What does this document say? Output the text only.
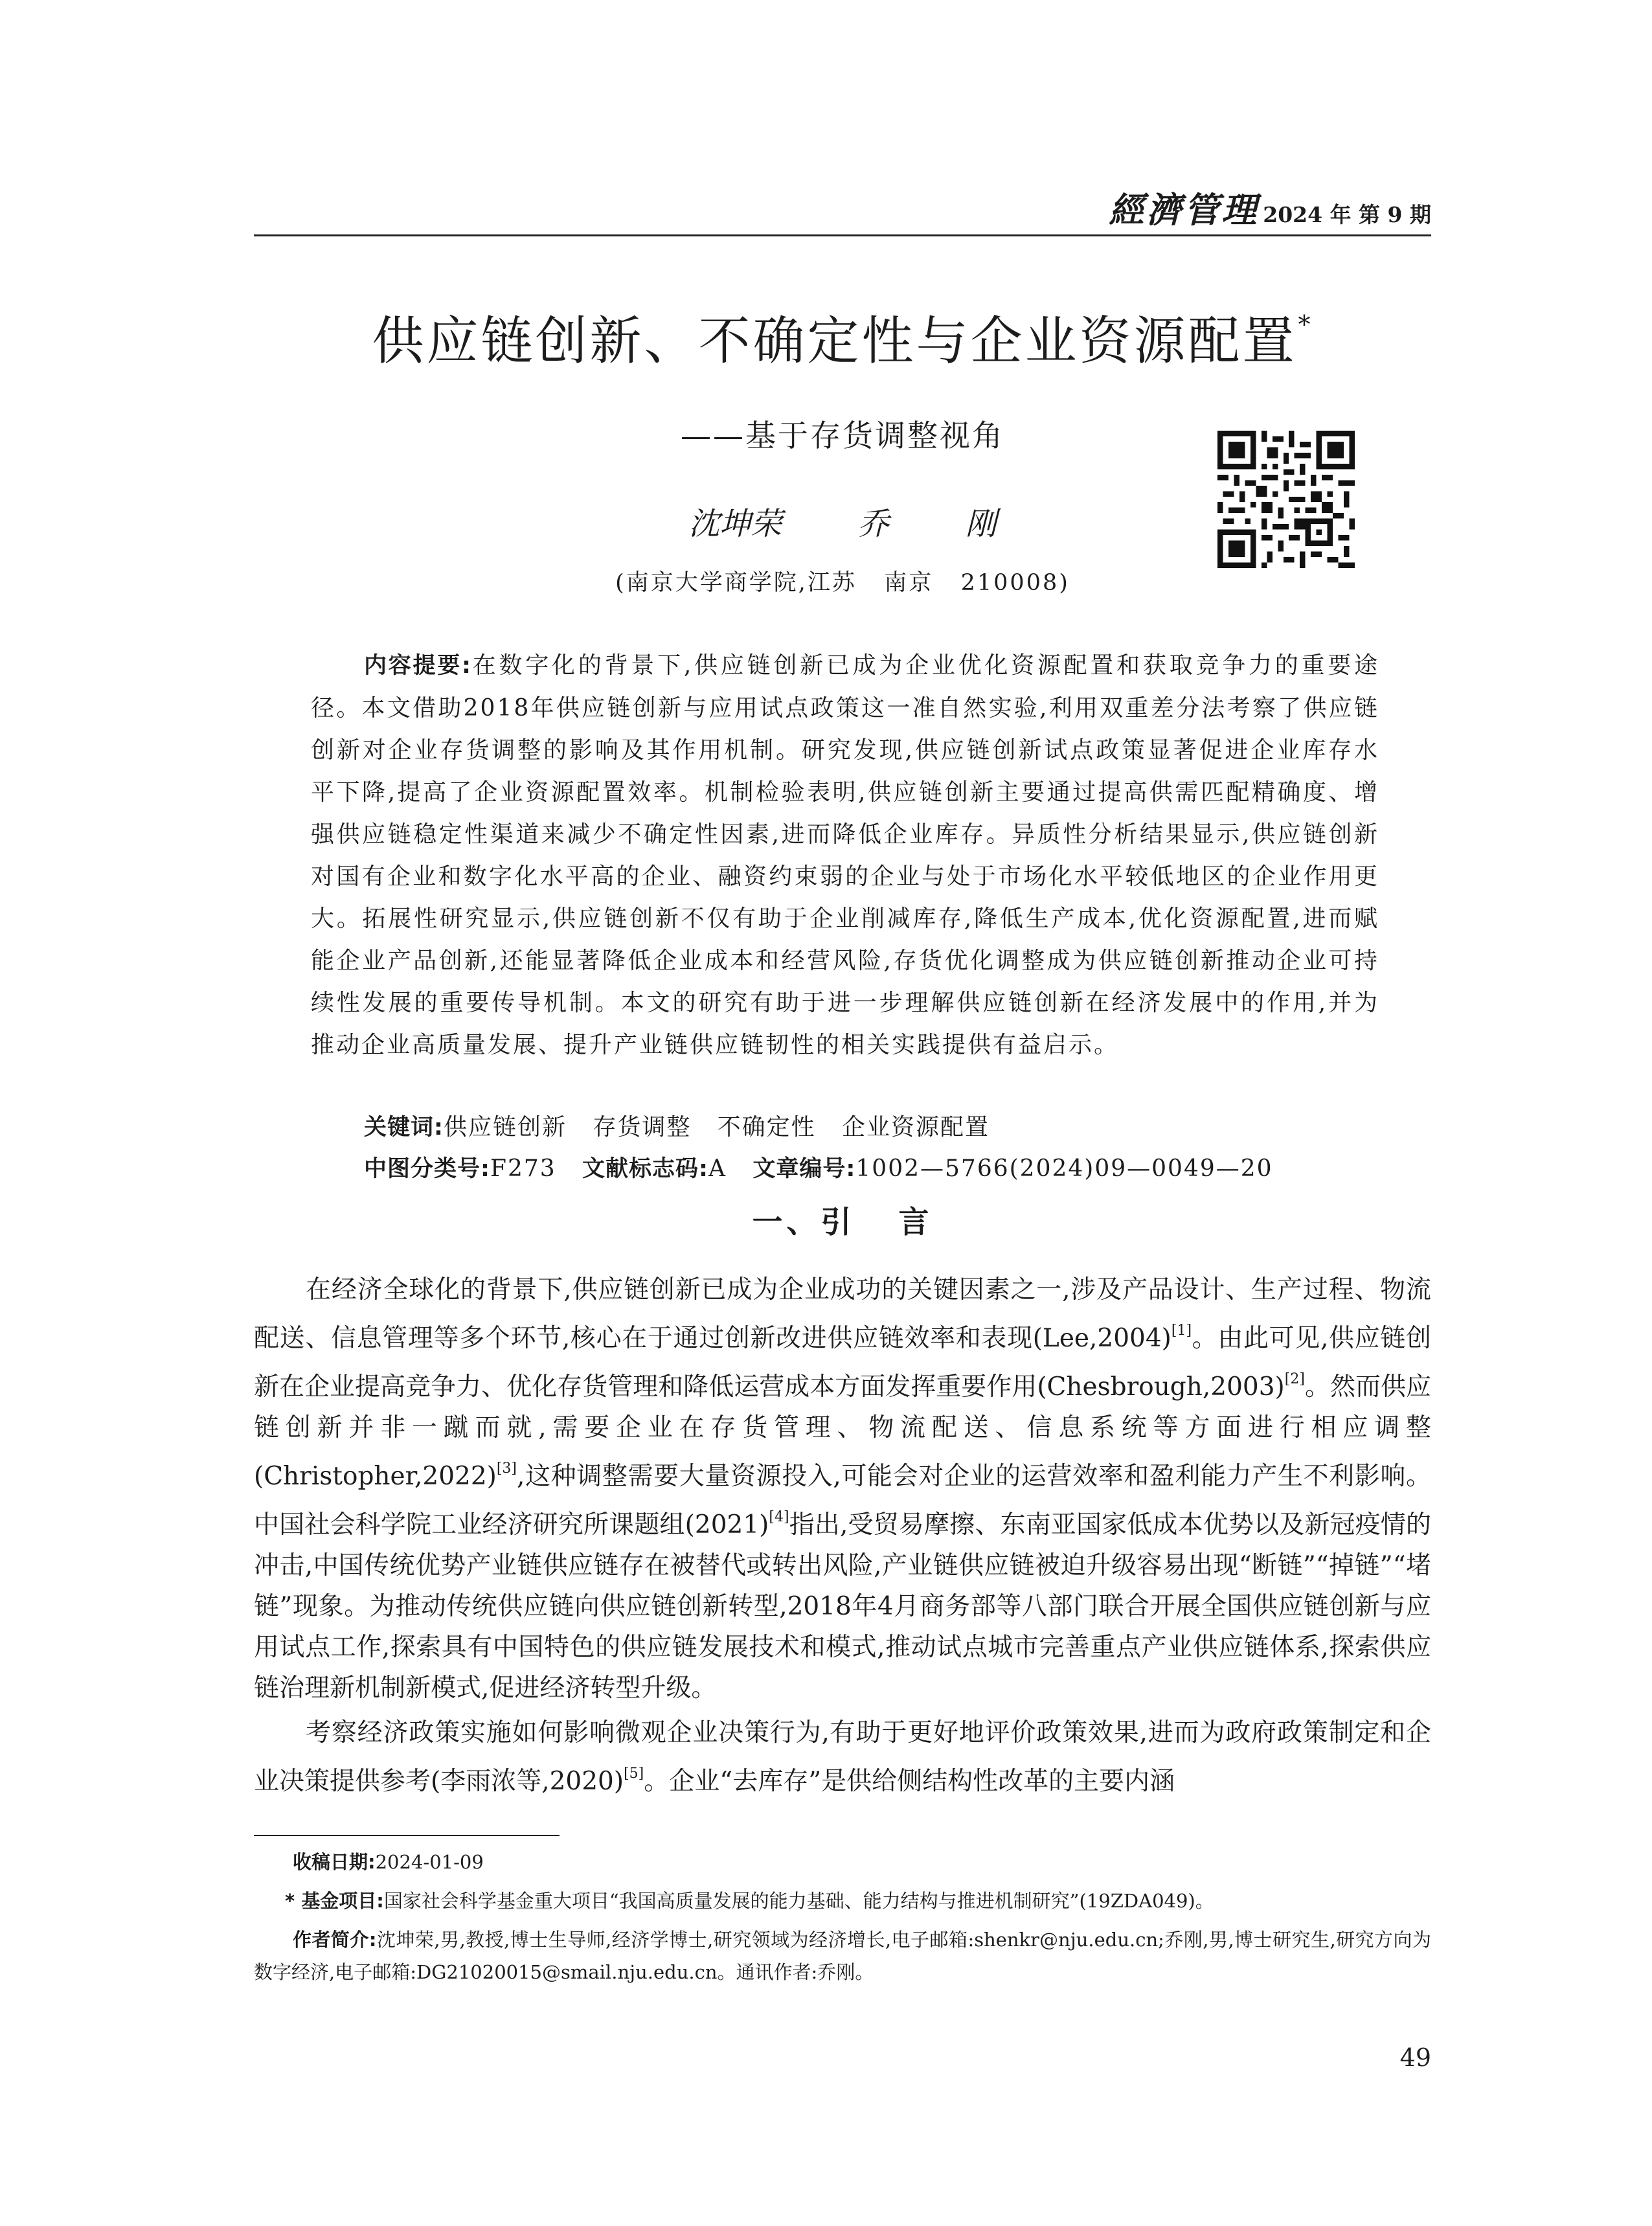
經濟管理 2024 年 第 9 期
供应链创新、不确定性与企业资源配置*
——基于存货调整视角
沈坤荣   乔   刚
(南京大学商学院,江苏   南京   210008)

内容提要:在数字化的背景下,供应链创新已成为企业优化资源配置和获取竞争力的重要途径。本文借助2018年供应链创新与应用试点政策这一准自然实验,利用双重差分法考察了供应链创新对企业存货调整的影响及其作用机制。研究发现,供应链创新试点政策显著促进企业库存水平下降,提高了企业资源配置效率。机制检验表明,供应链创新主要通过提高供需匹配精确度、增强供应链稳定性渠道来减少不确定性因素,进而降低企业库存。异质性分析结果显示,供应链创新对国有企业和数字化水平高的企业、融资约束弱的企业与处于市场化水平较低地区的企业作用更大。拓展性研究显示,供应链创新不仅有助于企业削减库存,降低生产成本,优化资源配置,进而赋能企业产品创新,还能显著降低企业成本和经营风险,存货优化调整成为供应链创新推动企业可持续性发展的重要传导机制。本文的研究有助于进一步理解供应链创新在经济发展中的作用,并为推动企业高质量发展、提升产业链供应链韧性的相关实践提供有益启示。

关键词:供应链创新   存货调整   不确定性   企业资源配置
中图分类号:F273 文献标志码:A 文章编号:1002—5766(2024)09—0049—20
一、引   言

在经济全球化的背景下,供应链创新已成为企业成功的关键因素之一,涉及产品设计、生产过程、物流配送、信息管理等多个环节,核心在于通过创新改进供应链效率和表现(Lee,2004)[1]。由此可见,供应链创新在企业提高竞争力、优化存货管理和降低运营成本方面发挥重要作用(Chesbrough,2003)[2]。然而供应链创新并非一蹴而就,需要企业在存货管理、物流配送、信息系统等方面进行相应调整(Christopher,2022)[3],这种调整需要大量资源投入,可能会对企业的运营效率和盈利能力产生不利影响。中国社会科学院工业经济研究所课题组(2021)[4]指出,受贸易摩擦、东南亚国家低成本优势以及新冠疫情的冲击,中国传统优势产业链供应链存在被替代或转出风险,产业链供应链被迫升级容易出现“断链”“掉链”“堵链”现象。为推动传统供应链向供应链创新转型,2018年4月商务部等八部门联合开展全国供应链创新与应用试点工作,探索具有中国特色的供应链发展技术和模式,推动试点城市完善重点产业供应链体系,探索供应链治理新机制新模式,促进经济转型升级。

考察经济政策实施如何影响微观企业决策行为,有助于更好地评价政策效果,进而为政府政策制定和企业决策提供参考(李雨浓等,2020)[5]。企业“去库存”是供给侧结构性改革的主要内涵

收稿日期:2024-01-09

* 基金项目:国家社会科学基金重大项目“我国高质量发展的能力基础、能力结构与推进机制研究”(19ZDA049)。

作者简介:沈坤荣,男,教授,博士生导师,经济学博士,研究领域为经济增长,电子邮箱:shenkr@nju.edu.cn;乔刚,男,博士研究生,研究方向为数字经济,电子邮箱:DG21020015@smail.nju.edu.cn。通讯作者:乔刚。

49
